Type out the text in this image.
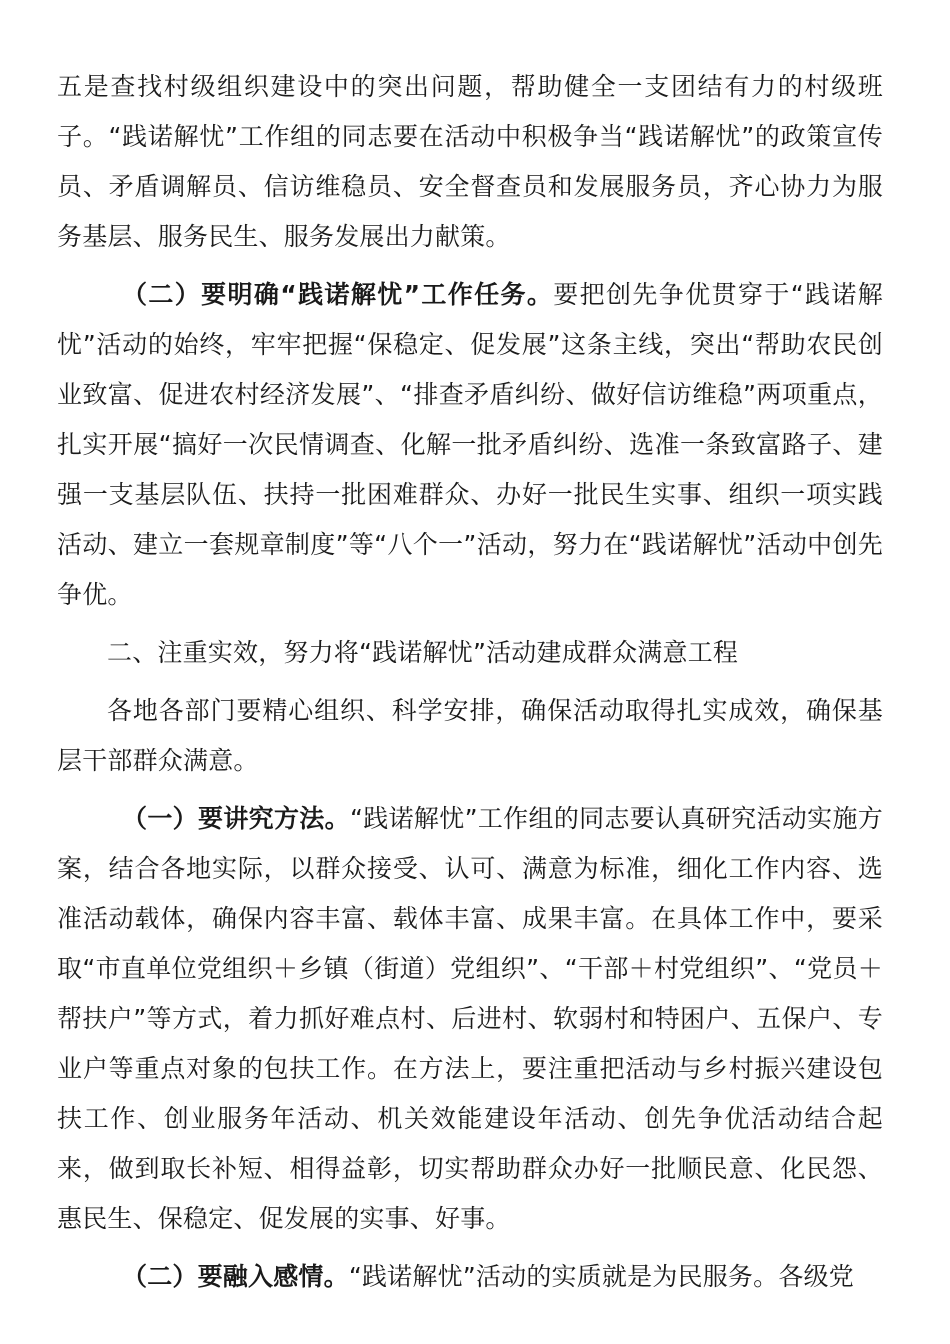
五是查找村级组织建设中的突出问题，帮助健全一支团结有力的村级班子。“践诺解忧”工作组的同志要在活动中积极争当“践诺解忧”的政策宣传员、矛盾调解员、信访维稳员、安全督查员和发展服务员，齐心协力为服务基层、服务民生、服务发展出力献策。

（二）要明确“践诺解忧”工作任务。要把创先争优贯穿于“践诺解忧”活动的始终，牢牢把握“保稳定、促发展”这条主线，突出“帮助农民创业致富、促进农村经济发展”、“排查矛盾纠纷、做好信访维稳”两项重点，扎实开展“搞好一次民情调查、化解一批矛盾纠纷、选准一条致富路子、建强一支基层队伍、扶持一批困难群众、办好一批民生实事、组织一项实践活动、建立一套规章制度”等“八个一”活动，努力在“践诺解忧”活动中创先争优。

二、注重实效，努力将“践诺解忧”活动建成群众满意工程

各地各部门要精心组织、科学安排，确保活动取得扎实成效，确保基层干部群众满意。

（一）要讲究方法。“践诺解忧”工作组的同志要认真研究活动实施方案，结合各地实际，以群众接受、认可、满意为标准，细化工作内容、选准活动载体，确保内容丰富、载体丰富、成果丰富。在具体工作中，要采取“市直单位党组织＋乡镇（街道）党组织”、“干部＋村党组织”、“党员＋帮扶户”等方式，着力抓好难点村、后进村、软弱村和特困户、五保户、专业户等重点对象的包扶工作。在方法上，要注重把活动与乡村振兴建设包扶工作、创业服务年活动、机关效能建设年活动、创先争优活动结合起来，做到取长补短、相得益彰，切实帮助群众办好一批顺民意、化民怨、惠民生、保稳定、促发展的实事、好事。

（二）要融入感情。“践诺解忧”活动的实质就是为民服务。各级党
